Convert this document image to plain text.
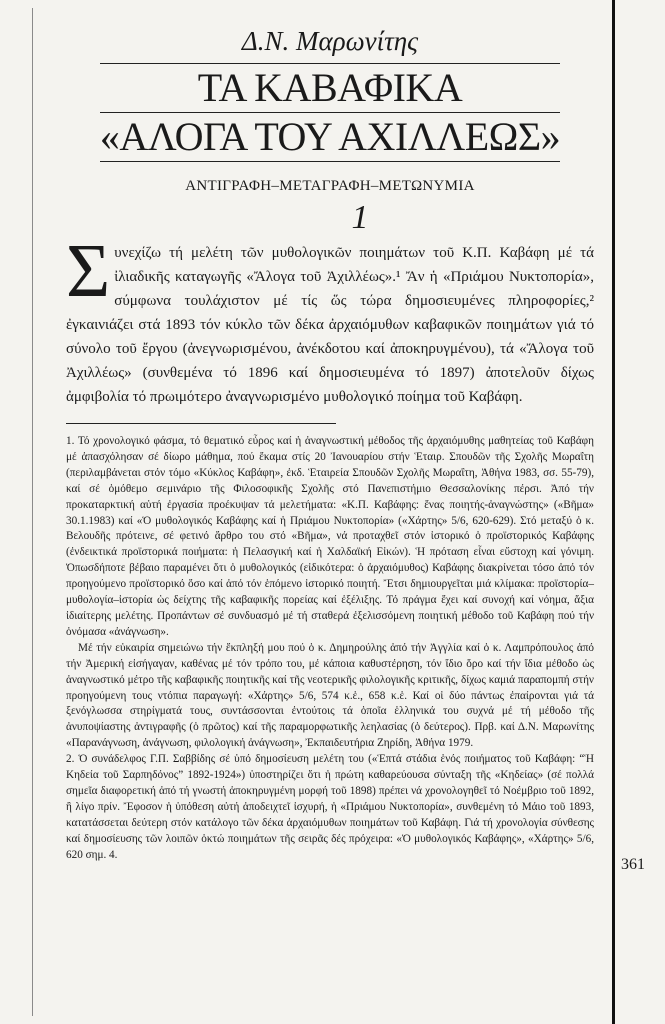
361

Δ.Ν. Μαρωνίτης

ΤΑ ΚΑΒΑΦΙΚΑ
«ΑΛΟΓΑ ΤΟΥ ΑΧΙΛΛΕΩΣ»

ΑΝΤΙΓΡΑΦΗ–ΜΕΤΑΓΡΑΦΗ–ΜΕΤΩΝΥΜΙΑ

1

Συνεχίζω τή μελέτη τῶν μυθολογικῶν ποιημάτων τοῦ Κ.Π. Καβάφη μέ τά ἰλιαδικῆς καταγωγῆς «Ἄλογα τοῦ Ἀχιλλέως».¹ Ἄν ἡ «Πριάμου Νυκτοπορία», σύμφωνα τουλάχιστον μέ τίς ὥς τώρα δημοσιευμένες πληροφορίες,² ἐγκαινιάζει στά 1893 τόν κύκλο τῶν δέκα ἀρχαιόμυθων καβαφικῶν ποιημάτων γιά τό σύνολο τοῦ ἔργου (ἀνεγνωρισμένου, ἀνέκδοτου καί ἀποκηρυγμένου), τά «Ἄλογα τοῦ Ἀχιλλέως» (συνθεμένα τό 1896 καί δημοσιευμένα τό 1897) ἀποτελοῦν δίχως ἀμφιβολία τό πρωιμότερο ἀναγνωρισμένο μυθολογικό ποίημα τοῦ Καβάφη.

1. Τό χρονολογικό φάσμα, τό θεματικό εὖρος καί ἡ ἀναγνωστική μέθοδος τῆς ἀρχαιόμυθης μαθητείας τοῦ Καβάφη μέ ἀπασχόλησαν σέ δίωρο μάθημα, πού ἔκαμα στίς 20 Ἰανουαρίου στήν Ἑταιρ. Σπουδῶν τῆς Σχολῆς Μωραΐτη (περιλαμβάνεται στόν τόμο «Κύκλος Καβάφη», ἐκδ. Ἑταιρεία Σπουδῶν Σχολῆς Μωραΐτη, Ἀθήνα 1983, σσ. 55-79), καί σέ ὁμόθεμο σεμινάριο τῆς Φιλοσοφικῆς Σχολῆς στό Πανεπιστήμιο Θεσσαλονίκης πέρσι. Ἀπό τήν προκαταρκτική αὐτή ἐργασία προέκυψαν τά μελετήματα: «Κ.Π. Καβάφης: ἕνας ποιητής-ἀναγνώστης» («Βῆμα» 30.1.1983) καί «Ὁ μυθολογικός Καβάφης καί ἡ Πριάμου Νυκτοπορία» («Χάρτης» 5/6, 620-629). Στό μεταξύ ὁ κ. Βελουδῆς πρότεινε, σέ φετινό ἄρθρο του στό «Βῆμα», νά προταχθεῖ στόν ἱστορικό ὁ προϊστορικός Καβάφης (ἐνδεικτικά προϊστορικά ποιήματα: ἡ Πελασγική καί ἡ Χαλδαϊκή Εἰκών). Ἡ πρόταση εἶναι εὔστοχη καί γόνιμη. Ὁπωσδήποτε βέβαιο παραμένει ὅτι ὁ μυθολογικός (εἰδικότερα: ὁ ἀρχαιόμυθος) Καβάφης διακρίνεται τόσο ἀπό τόν προηγούμενο προϊστορικό ὅσο καί ἀπό τόν ἑπόμενο ἱστορικό ποιητή. Ἔτσι δημιουργεῖται μιά κλίμακα: προϊστορία–μυθολογία–ἱστορία ὡς δείχτης τῆς καβαφικῆς πορείας καί ἐξέλιξης. Τό πράγμα ἔχει καί συνοχή καί νόημα, ἄξια ἰδιαίτερης μελέτης. Προπάντων σέ συνδυασμό μέ τή σταθερά ἐξελισσόμενη ποιητική μέθοδο τοῦ Καβάφη πού τήν ὀνόμασα «ἀνάγνωση».

Μέ τήν εὐκαιρία σημειώνω τήν ἔκπληξή μου πού ὁ κ. Δημηρούλης ἀπό τήν Ἀγγλία καί ὁ κ. Λαμπρόπουλος ἀπό τήν Ἀμερική εἰσήγαγαν, καθένας μέ τόν τρόπο του, μέ κάποια καθυστέρηση, τόν ἴδιο ὅρο καί τήν ἴδια μέθοδο ὡς ἀναγνωστικό μέτρο τῆς καβαφικῆς ποιητικῆς καί τῆς νεοτερικῆς φιλολογικῆς κριτικῆς, δίχως καμιά παραπομπή στήν προηγούμενη τους ντόπια παραγωγή: «Χάρτης» 5/6, 574 κ.ἑ., 658 κ.ἑ. Καί οἱ δύο πάντως ἐπαίρονται γιά τά ξενόγλωσσα στηρίγματά τους, συντάσσονται ἐντούτοις τά ὁποῖα ἑλληνικά του συχνά μέ τή μέθοδο τῆς ἀνυποψίαστης ἀντιγραφῆς (ὁ πρῶτος) καί τῆς παραμορφωτικῆς λεηλασίας (ὁ δεύτερος). Πρβ. καί Δ.Ν. Μαρωνίτης «Παρανάγνωση, ἀνάγνωση, φιλολογική ἀνάγνωση», Ἐκπαιδευτήρια Ζηρίδη, Ἀθήνα 1979.

2. Ὁ συνάδελφος Γ.Π. Σαββίδης σέ ὑπό δημοσίευση μελέτη του («Ἑπτά στάδια ἑνός ποιήματος τοῦ Καβάφη: “Ἡ Κηδεία τοῦ Σαρπηδόνος” 1892-1924») ὑποστηρίζει ὅτι ἡ πρώτη καθαρεύουσα σύνταξη τῆς «Κηδείας» (σέ πολλά σημεῖα διαφορετική ἀπό τή γνωστή ἀποκηρυγμένη μορφή τοῦ 1898) πρέπει νά χρονολογηθεῖ τό Νοέμβριο τοῦ 1892, ἢ λίγο πρίν. Ἔφοσον ἡ ὑπόθεση αὐτή ἀποδειχτεῖ ἰσχυρή, ἡ «Πριάμου Νυκτοπορία», συνθεμένη τό Μάιο τοῦ 1893, κατατάσσεται δεύτερη στόν κατάλογο τῶν δέκα ἀρχαιόμυθων ποιημάτων τοῦ Καβάφη. Γιά τή χρονολογία σύνθεσης καί δημοσίευσης τῶν λοιπῶν ὀκτώ ποιημάτων τῆς σειρᾶς δές πρόχειρα: «Ὁ μυθολογικός Καβάφης», «Χάρτης» 5/6, 620 σημ. 4.
